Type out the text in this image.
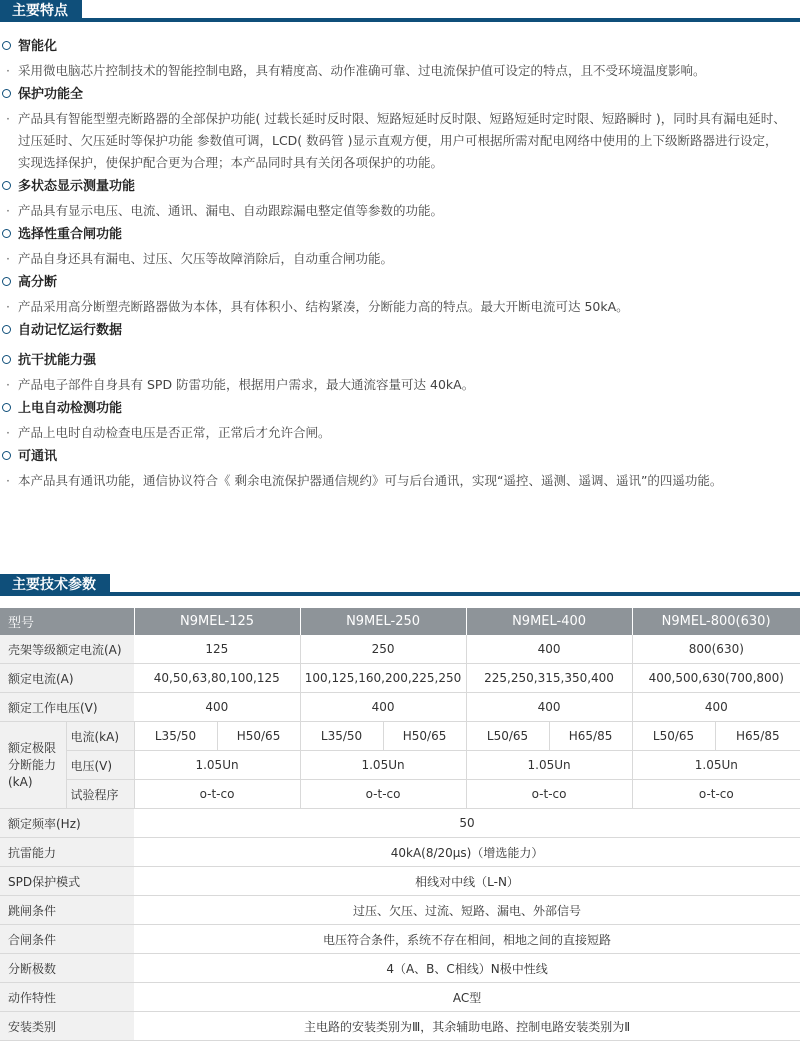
主要特点
智能化
· 采用微电脑芯片控制技术的智能控制电路，具有精度高、动作准确可靠、过电流保护值可设定的特点，且不受环境温度影响。
保护功能全
· 产品具有智能型塑壳断路器的全部保护功能( 过载长延时反时限、短路短延时反时限、短路短延时定时限、短路瞬时 )，同时具有漏电延时、
过压延时、欠压延时等保护功能 参数值可调，LCD( 数码管 )显示直观方便，用户可根据所需对配电网络中使用的上下级断路器进行设定，
实现选择保护，使保护配合更为合理；本产品同时具有关闭各项保护的功能。
多状态显示测量功能
· 产品具有显示电压、电流、通讯、漏电、自动跟踪漏电整定值等参数的功能。
选择性重合闸功能
· 产品自身还具有漏电、过压、欠压等故障消除后，自动重合闸功能。
高分断
· 产品采用高分断塑壳断路器做为本体，具有体积小、结构紧凑，分断能力高的特点。最大开断电流可达 50kA。
自动记忆运行数据
抗干扰能力强
· 产品电子部件自身具有 SPD 防雷功能，根据用户需求，最大通流容量可达 40kA。
上电自动检测功能
· 产品上电时自动检查电压是否正常，正常后才允许合闸。
可通讯
· 本产品具有通讯功能，通信协议符合《 剩余电流保护器通信规约》可与后台通讯，实现“遥控、遥测、遥调、遥讯”的四遥功能。
主要技术参数
型号		N9MEL-125		N9MEL-250		N9MEL-400		N9MEL-800(630)	
壳架等级额定电流(A)		125		250		400		800(630)	
额定电流(A)		40,50,63,80,100,125		100,125,160,200,225,250		225,250,315,350,400		400,500,630(700,800)	
额定工作电压(V)		400		400		400		400	
额定极限分断能力(kA)	电流(kA)	L35/50	H50/65	L35/50	H50/65	L50/65	H65/85	L50/65	H65/85
	电压(V)	1.05Un		1.05Un		1.05Un		1.05Un	
	试验程序	o-t-co		o-t-co		o-t-co		o-t-co	
额定频率(Hz)		50							
抗雷能力		40kA(8/20μs)（增选能力）							
SPD保护模式		相线对中线（L-N）							
跳闸条件		过压、欠压、过流、短路、漏电、外部信号							
合闸条件		电压符合条件，系统不存在相间，相地之间的直接短路							
分断极数		4（A、B、C相线）N极中性线							
动作特性		AC型							
安装类别		主电路的安装类别为Ⅲ，其余辅助电路、控制电路安装类别为Ⅱ							
